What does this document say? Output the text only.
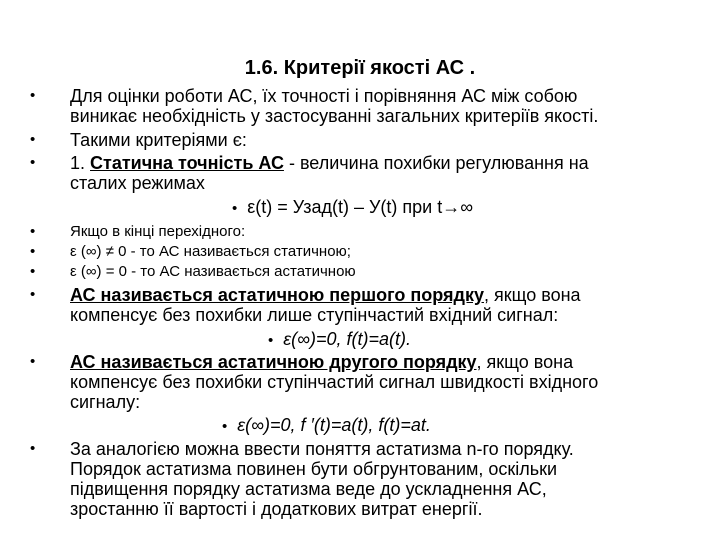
1.6. Критерії якості АС .
•	Для оцінки роботи АС, їх точності і порівняння АС між собою
виникає необхідність у застосуванні загальних критеріїв якості.
•	Такими критеріями є:
•	1. Статична точність АС - величина похибки регулювання на
сталих режимах
• ε(t) = Узад(t) – У(t) при t→∞
•	Якщо в кінці перехідного:
•	ε (∞) ≠ 0 - то АС називається статичною;
•	ε (∞) = 0 - то АС називається астатичною
•	АС називається астатичною першого порядку, якщо вона
компенсує без похибки лише ступінчастий вхідний сигнал:
• ε(∞)=0, f(t)=a(t).
•	АС називається астатичною другого порядку, якщо вона
компенсує без похибки ступінчастий сигнал швидкості вхідного
сигналу:
• ε(∞)=0, f ′(t)=a(t), f(t)=at.
•	За аналогією можна ввести поняття астатизма n-го порядку.
Порядок астатизма повинен бути обгрунтованим, оскільки
підвищення порядку астатизма веде до ускладнення АС,
зростанню її вартості і додаткових витрат енергії.
